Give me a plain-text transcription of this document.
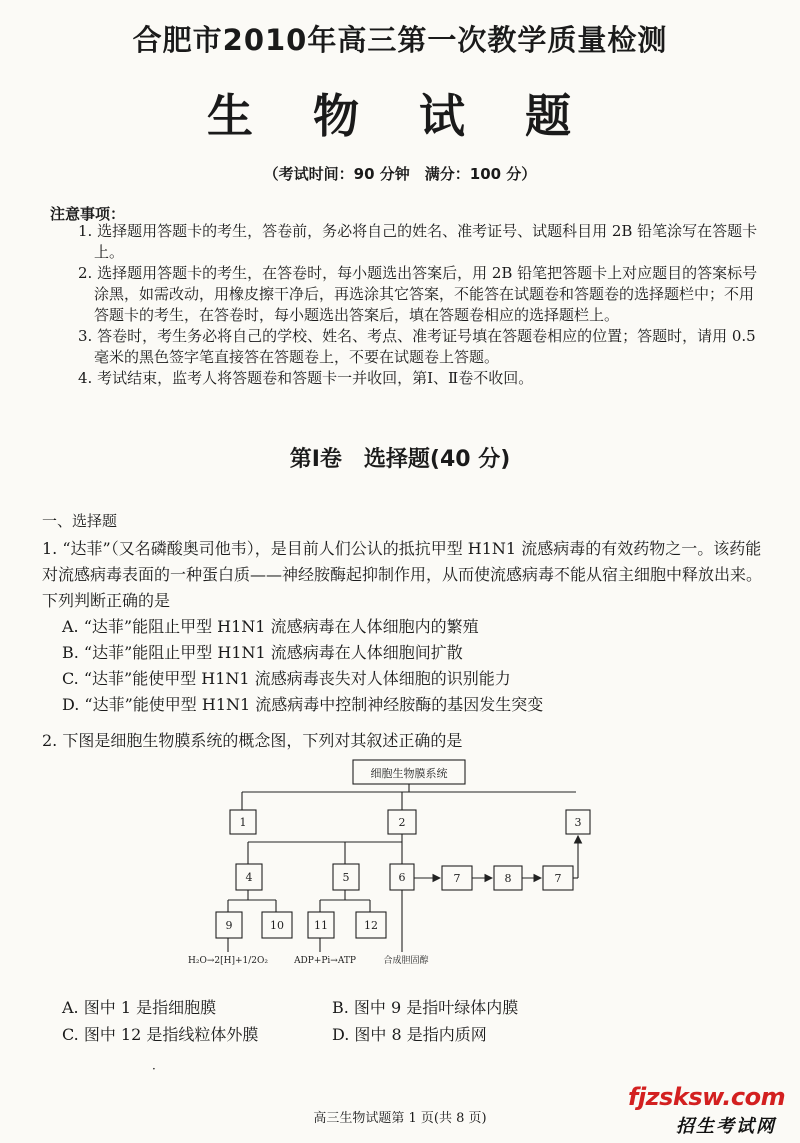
合肥市2010年高三第一次教学质量检测
生 物 试 题
（考试时间：90 分钟　满分：100 分）
注意事项：
1. 选择题用答题卡的考生，答卷前，务必将自己的姓名、准考证号、试题科目用 2B 铅笔涂写在答题卡上。
2. 选择题用答题卡的考生，在答卷时，每小题选出答案后，用 2B 铅笔把答题卡上对应题目的答案标号涂黑，如需改动，用橡皮擦干净后，再选涂其它答案，不能答在试题卷和答题卷的选择题栏中；不用答题卡的考生，在答卷时，每小题选出答案后，填在答题卷相应的选择题栏上。
3. 答卷时，考生务必将自己的学校、姓名、考点、准考证号填在答题卷相应的位置；答题时，请用 0.5 毫米的黑色签字笔直接答在答题卷上，不要在试题卷上答题。
4. 考试结束，监考人将答题卷和答题卡一并收回，第Ⅰ、Ⅱ卷不收回。
第Ⅰ卷　选择题(40 分)
一、选择题
1. “达菲”（又名磷酸奥司他韦），是目前人们公认的抵抗甲型 H1N1 流感病毒的有效药物之一。该药能对流感病毒表面的一种蛋白质——神经胺酶起抑制作用，从而使流感病毒不能从宿主细胞中释放出来。下列判断正确的是
A. “达菲”能阻止甲型 H1N1 流感病毒在人体细胞内的繁殖
B. “达菲”能阻止甲型 H1N1 流感病毒在人体细胞间扩散
C. “达菲”能使甲型 H1N1 流感病毒丧失对人体细胞的识别能力
D. “达菲”能使甲型 H1N1 流感病毒中控制神经胺酶的基因发生突变
2. 下图是细胞生物膜系统的概念图，下列对其叙述正确的是
细胞生物膜系统
1	2	3
4	5	6	7	8	7
9	10	11	12
H₂O→2[H]+1/2O₂	ADP+Pi→ATP	合成胆固醇
A. 图中 1 是指细胞膜	B. 图中 9 是指叶绿体内膜
C. 图中 12 是指线粒体外膜	D. 图中 8 是指内质网
·
高三生物试题第 1 页(共 8 页)
fjzsksw.com
招生考试网
